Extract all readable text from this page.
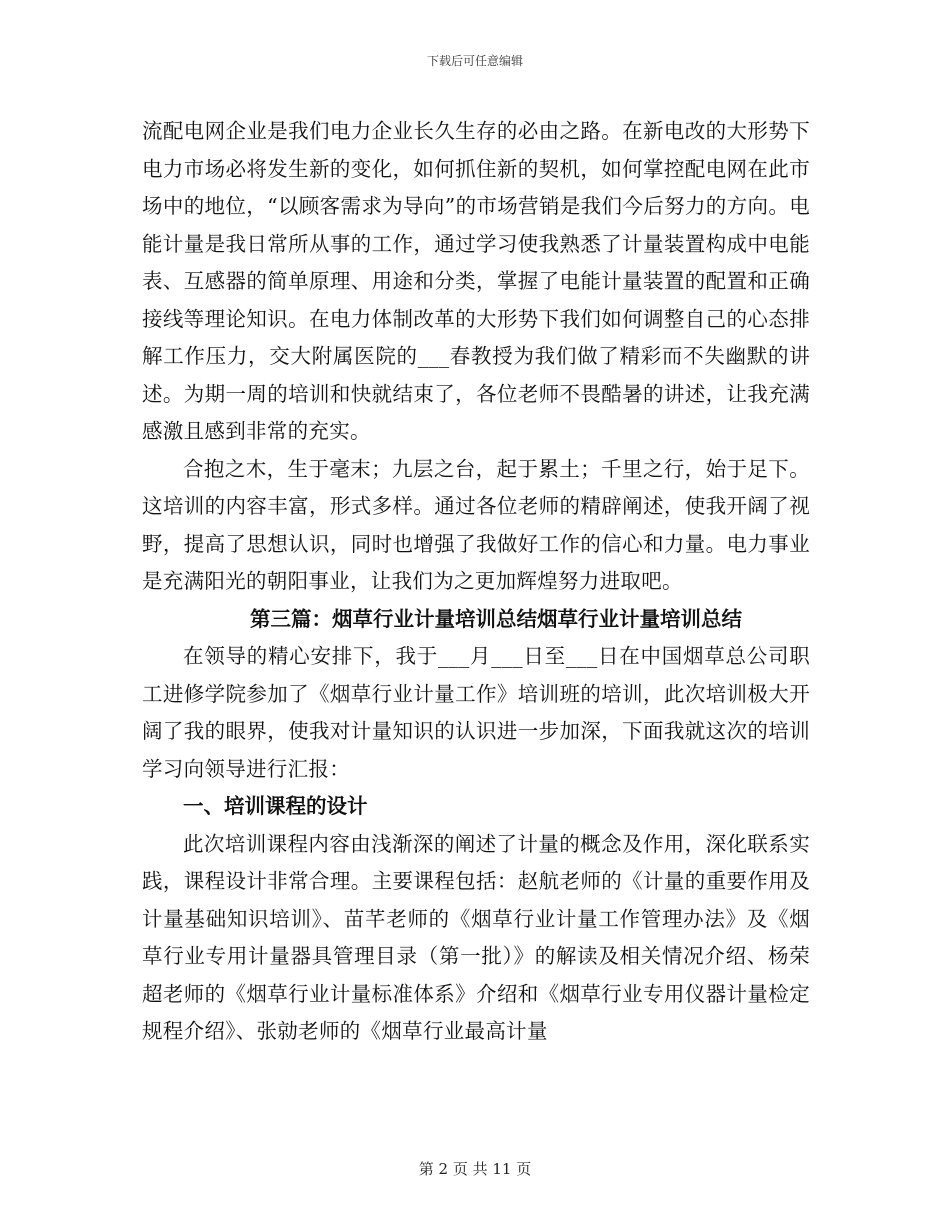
下载后可任意编辑

流配电网企业是我们电力企业长久生存的必由之路。在新电改的大形势下电力市场必将发生新的变化，如何抓住新的契机，如何掌控配电网在此市场中的地位，“以顾客需求为导向”的市场营销是我们今后努力的方向。电能计量是我日常所从事的工作，通过学习使我熟悉了计量装置构成中电能表、互感器的简单原理、用途和分类，掌握了电能计量装置的配置和正确接线等理论知识。在电力体制改革的大形势下我们如何调整自己的心态排解工作压力，交大附属医院的___春教授为我们做了精彩而不失幽默的讲述。为期一周的培训和快就结束了，各位老师不畏酷暑的讲述，让我充满感激且感到非常的充实。

合抱之木，生于毫末；九层之台，起于累土；千里之行，始于足下。这培训的内容丰富，形式多样。通过各位老师的精辟阐述，使我开阔了视野，提高了思想认识，同时也增强了我做好工作的信心和力量。电力事业是充满阳光的朝阳事业，让我们为之更加辉煌努力进取吧。

第三篇：烟草行业计量培训总结烟草行业计量培训总结

在领导的精心安排下，我于___月___日至___日在中国烟草总公司职工进修学院参加了《烟草行业计量工作》培训班的培训，此次培训极大开阔了我的眼界，使我对计量知识的认识进一步加深，下面我就这次的培训学习向领导进行汇报：

一、培训课程的设计

此次培训课程内容由浅渐深的阐述了计量的概念及作用，深化联系实践，课程设计非常合理。主要课程包括：赵航老师的《计量的重要作用及计量基础知识培训》、苗芊老师的《烟草行业计量工作管理办法》及《烟草行业专用计量器具管理目录（第一批）》的解读及相关情况介绍、杨荣超老师的《烟草行业计量标准体系》介绍和《烟草行业专用仪器计量检定规程介绍》、张勍老师的《烟草行业最高计量

第 2 页 共 11 页
